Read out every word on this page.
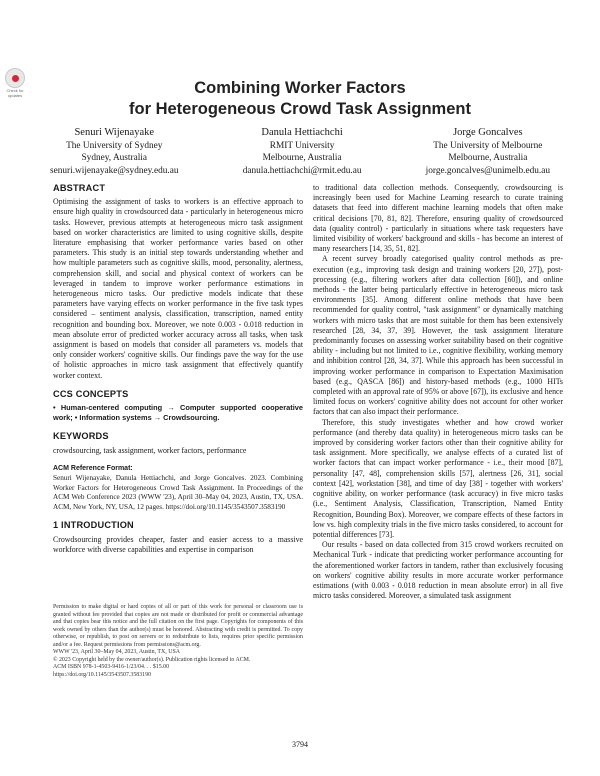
Check for updates	Combining Worker Factors
for Heterogeneous Crowd Task Assignment
Senuri Wijenayake
The University of Sydney
Sydney, Australia
senuri.wijenayake@sydney.edu.au
Danula Hettiachchi
RMIT University
Melbourne, Australia
danula.hettiachchi@rmit.edu.au
Jorge Goncalves
The University of Melbourne
Melbourne, Australia
jorge.goncalves@unimelb.edu.au
ABSTRACT

Optimising the assignment of tasks to workers is an effective approach to ensure high quality in crowdsourced data - particularly in heterogeneous micro tasks. However, previous attempts at heterogeneous micro task assignment based on worker characteristics are limited to using cognitive skills, despite literature emphasising that worker performance varies based on other parameters. This study is an initial step towards understanding whether and how multiple parameters such as cognitive skills, mood, personality, alertness, comprehension skill, and social and physical context of workers can be leveraged in tandem to improve worker performance estimations in heterogeneous micro tasks. Our predictive models indicate that these parameters have varying effects on worker performance in the five task types considered – sentiment analysis, classification, transcription, named entity recognition and bounding box. Moreover, we note 0.003 - 0.018 reduction in mean absolute error of predicted worker accuracy across all tasks, when task assignment is based on models that consider all parameters vs. models that only consider workers' cognitive skills. Our findings pave the way for the use of holistic approaches in micro task assignment that effectively quantify worker context.

CCS CONCEPTS

• Human-centered computing → Computer supported cooperative work; • Information systems → Crowdsourcing.

KEYWORDS

crowdsourcing, task assignment, worker factors, performance

ACM Reference Format:

Senuri Wijenayake, Danula Hettiachchi, and Jorge Goncalves. 2023. Combining Worker Factors for Heterogeneous Crowd Task Assignment. In Proceedings of the ACM Web Conference 2023 (WWW '23), April 30–May 04, 2023, Austin, TX, USA. ACM, New York, NY, USA, 12 pages. https://doi.org/10.1145/3543507.3583190

1 INTRODUCTION

Crowdsourcing provides cheaper, faster and easier access to a massive workforce with diverse capabilities and expertise in comparison

Permission to make digital or hard copies of all or part of this work for personal or classroom use is granted without fee provided that copies are not made or distributed for profit or commercial advantage and that copies bear this notice and the full citation on the first page. Copyrights for components of this work owned by others than the author(s) must be honored. Abstracting with credit is permitted. To copy otherwise, or republish, to post on servers or to redistribute to lists, requires prior specific permission and/or a fee. Request permissions from permissions@acm.org.
WWW '23, April 30–May 04, 2023, Austin, TX, USA
© 2023 Copyright held by the owner/author(s). Publication rights licensed to ACM.
ACM ISBN 978-1-4503-9416-1/23/04. . . $15.00
https://doi.org/10.1145/3543507.3583190

to traditional data collection methods. Consequently, crowdsourcing is increasingly been used for Machine Learning research to curate training datasets that feed into different machine learning models that often make critical decisions [70, 81, 82]. Therefore, ensuring quality of crowdsourced data (quality control) - particularly in situations where task requesters have limited visibility of workers' background and skills - has become an interest of many researchers [14, 35, 51, 82].

A recent survey broadly categorised quality control methods as pre-execution (e.g., improving task design and training workers [20, 27]), post-processing (e.g., filtering workers after data collection [60]), and online methods - the latter being particularly effective in heterogeneous micro task environments [35]. Among different online methods that have been recommended for quality control, "task assignment" or dynamically matching workers with micro tasks that are most suitable for them has been extensively researched [28, 34, 37, 39]. However, the task assignment literature predominantly focuses on assessing worker suitability based on their cognitive ability - including but not limited to i.e., cognitive flexibility, working memory and inhibition control [28, 34, 37]. While this approach has been successful in improving worker performance in comparison to Expectation Maximisation based (e.g., QASCA [86]) and history-based methods (e.g., 1000 HITs completed with an approval rate of 95% or above [67]), its exclusive and hence limited focus on workers' cognitive ability does not account for other worker factors that can also impact their performance.

Therefore, this study investigates whether and how crowd worker performance (and thereby data quality) in heterogeneous micro tasks can be improved by considering worker factors other than their cognitive ability for task assignment. More specifically, we analyse effects of a curated list of worker factors that can impact worker performance - i.e., their mood [87], personality [47, 48], comprehension skills [57], alertness [26, 31], social context [42], workstation [38], and time of day [38] - together with workers' cognitive ability, on worker performance (task accuracy) in five micro tasks (i.e., Sentiment Analysis, Classification, Transcription, Named Entity Recognition, Bounding Box). Moreover, we compare effects of these factors in low vs. high complexity trials in the five micro tasks considered, to account for potential differences [73].

Our results - based on data collected from 315 crowd workers recruited on Mechanical Turk - indicate that predicting worker performance accounting for the aforementioned worker factors in tandem, rather than exclusively focusing on workers' cognitive ability results in more accurate worker performance estimations (with 0.003 - 0.018 reduction in mean absolute error) in all five micro tasks considered. Moreover, a simulated task assignment

3794
